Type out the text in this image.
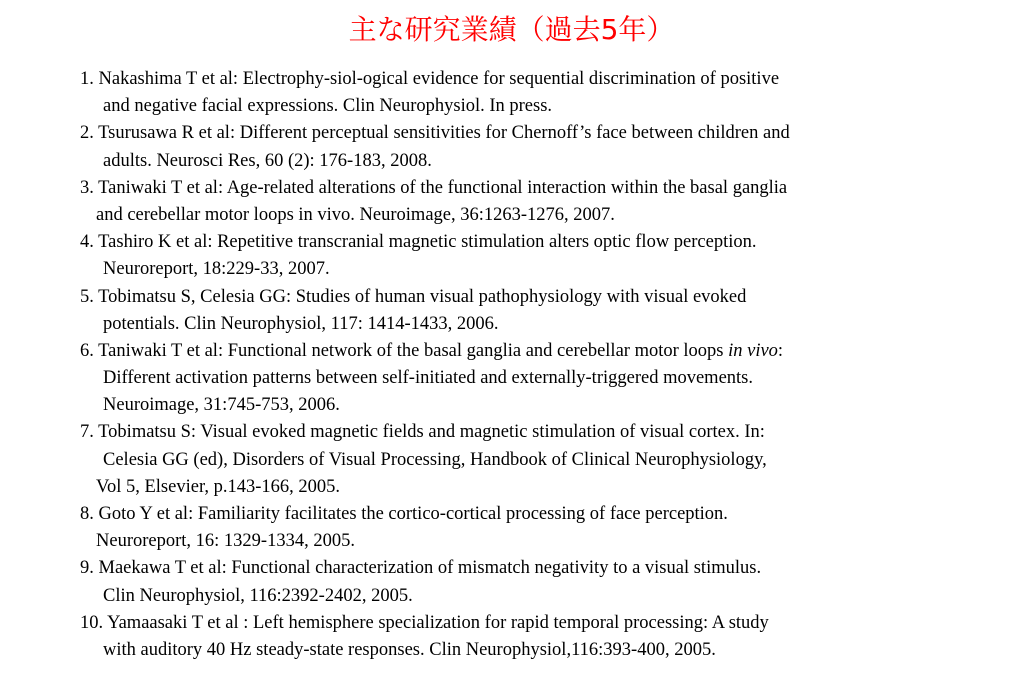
主な研究業績（過去5年）
1. Nakashima T et al: Electrophy-siol-ogical evidence for sequential discrimination of positive
and negative facial expressions. Clin Neurophysiol. In press.
2. Tsurusawa R et al: Different perceptual sensitivities for Chernoff’s face between children and
adults. Neurosci Res, 60 (2): 176-183, 2008.
3. Taniwaki T et al: Age-related alterations of the functional interaction within the basal ganglia
and cerebellar motor loops in vivo. Neuroimage, 36:1263-1276, 2007.
4. Tashiro K et al: Repetitive transcranial magnetic stimulation alters optic flow perception.
Neuroreport, 18:229-33, 2007.
5. Tobimatsu S, Celesia GG: Studies of human visual pathophysiology with visual evoked
potentials. Clin Neurophysiol, 117: 1414-1433, 2006.
6. Taniwaki T et al: Functional network of the basal ganglia and cerebellar motor loops in vivo:
Different activation patterns between self-initiated and externally-triggered movements.
Neuroimage, 31:745-753, 2006.
7. Tobimatsu S: Visual evoked magnetic fields and magnetic stimulation of visual cortex. In:
Celesia GG (ed), Disorders of Visual Processing, Handbook of Clinical Neurophysiology,
Vol 5, Elsevier, p.143-166, 2005.
8. Goto Y et al: Familiarity facilitates the cortico-cortical processing of face perception.
Neuroreport, 16: 1329-1334, 2005.
9. Maekawa T et al: Functional characterization of mismatch negativity to a visual stimulus.
Clin Neurophysiol, 116:2392-2402, 2005.
10. Yamaasaki T et al : Left hemisphere specialization for rapid temporal processing: A study
with auditory 40 Hz steady-state responses. Clin Neurophysiol,116:393-400, 2005.
